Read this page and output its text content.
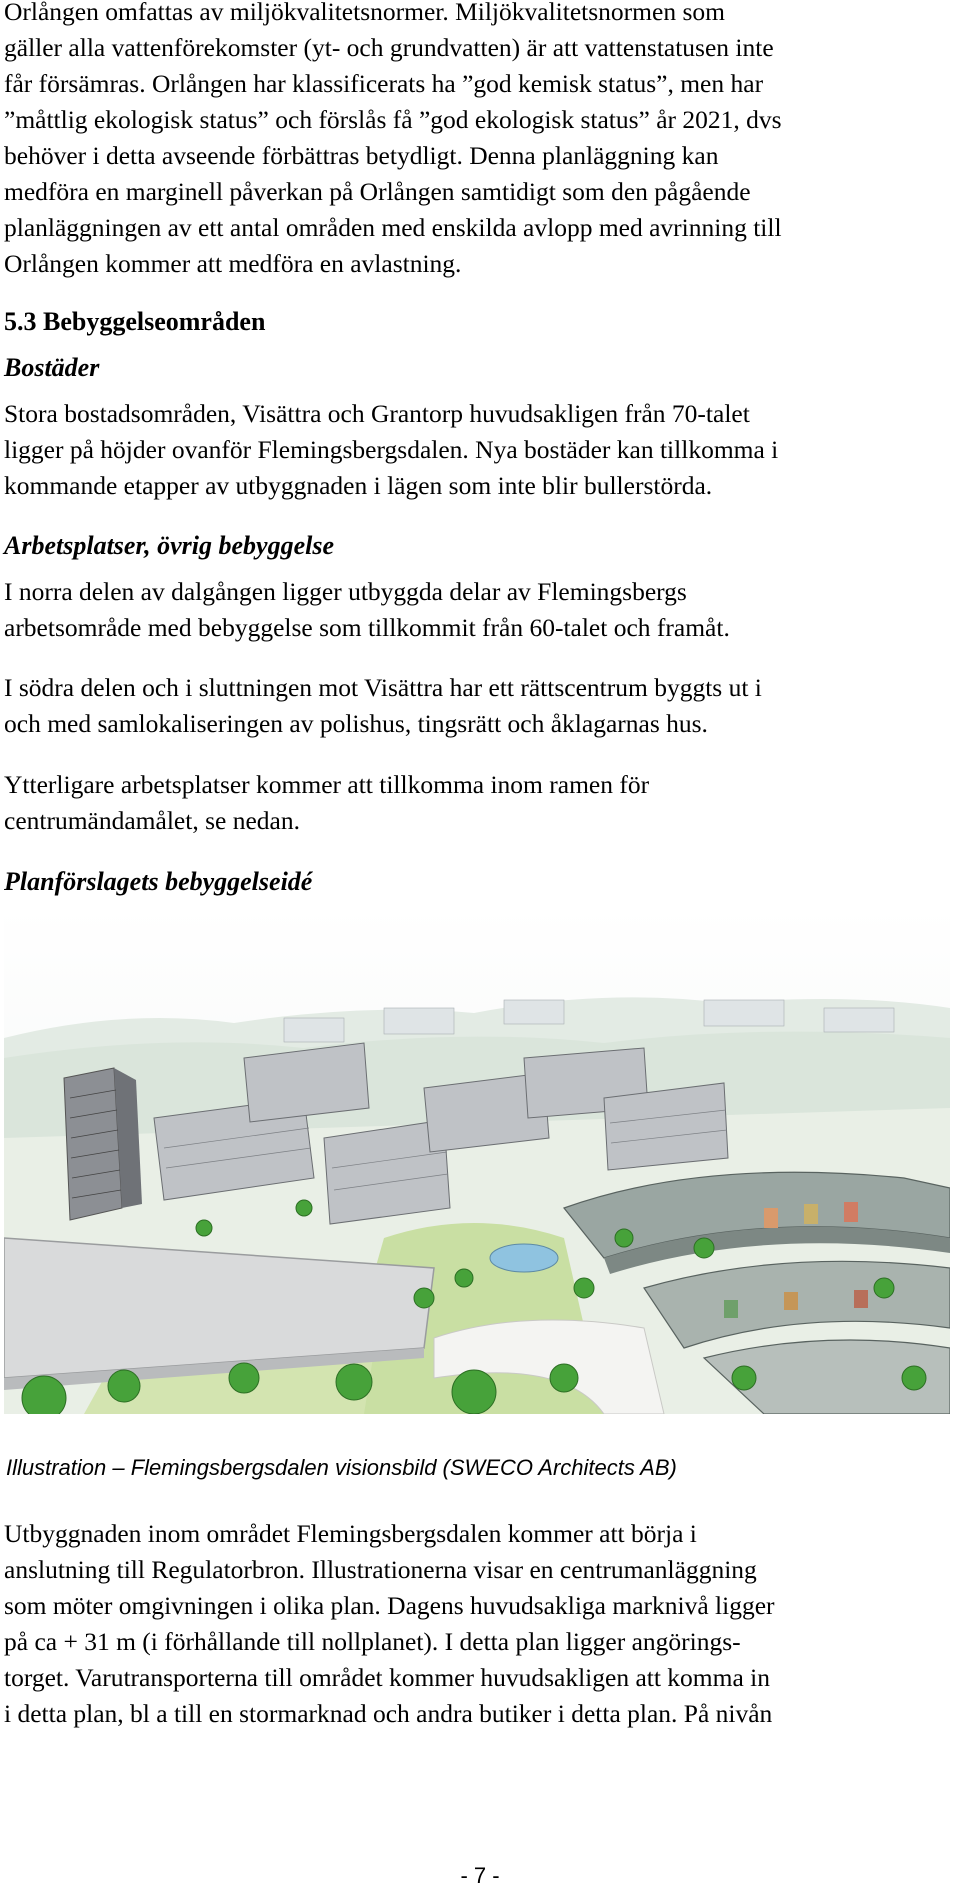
Orlången omfattas av miljökvalitetsnormer. Miljökvalitetsnormen som
gäller alla vattenförekomster (yt- och grundvatten) är att vattenstatusen inte
får försämras. Orlången har klassificerats ha ”god kemisk status”, men har
”måttlig ekologisk status” och förslås få ”god ekologisk status” år 2021, dvs
behöver i detta avseende förbättras betydligt. Denna planläggning kan
medföra en marginell påverkan på Orlången samtidigt som den pågående
planläggningen av ett antal områden med enskilda avlopp med avrinning till
Orlången kommer att medföra en avlastning.
5.3 Bebyggelseområden
Bostäder
Stora bostadsområden, Visättra och Grantorp huvudsakligen från 70-talet
ligger på höjder ovanför Flemingsbergsdalen. Nya bostäder kan tillkomma i
kommande etapper av utbyggnaden i lägen som inte blir bullerstörda.
Arbetsplatser, övrig bebyggelse
I norra delen av dalgången ligger utbyggda delar av Flemingsbergs
arbetsområde med bebyggelse som tillkommit från 60-talet och framåt.
I södra delen och i sluttningen mot Visättra har ett rättscentrum byggts ut i
och med samlokaliseringen av polishus, tingsrätt och åklagarnas hus.
Ytterligare arbetsplatser kommer att tillkomma inom ramen för
centrumändamålet, se nedan.
Planförslagets bebyggelseidé
Illustration – Flemingsbergsdalen visionsbild (SWECO Architects AB)
Utbyggnaden inom området Flemingsbergsdalen kommer att börja i
anslutning till Regulatorbron. Illustrationerna visar en centrumanläggning
som möter omgivningen i olika plan. Dagens huvudsakliga marknivå ligger
på ca + 31 m (i förhållande till nollplanet). I detta plan ligger angörings-
torget. Varutransporterna till området kommer huvudsakligen att komma in
i detta plan, bl a till en stormarknad och andra butiker i detta plan. På nivån
- 7 -
